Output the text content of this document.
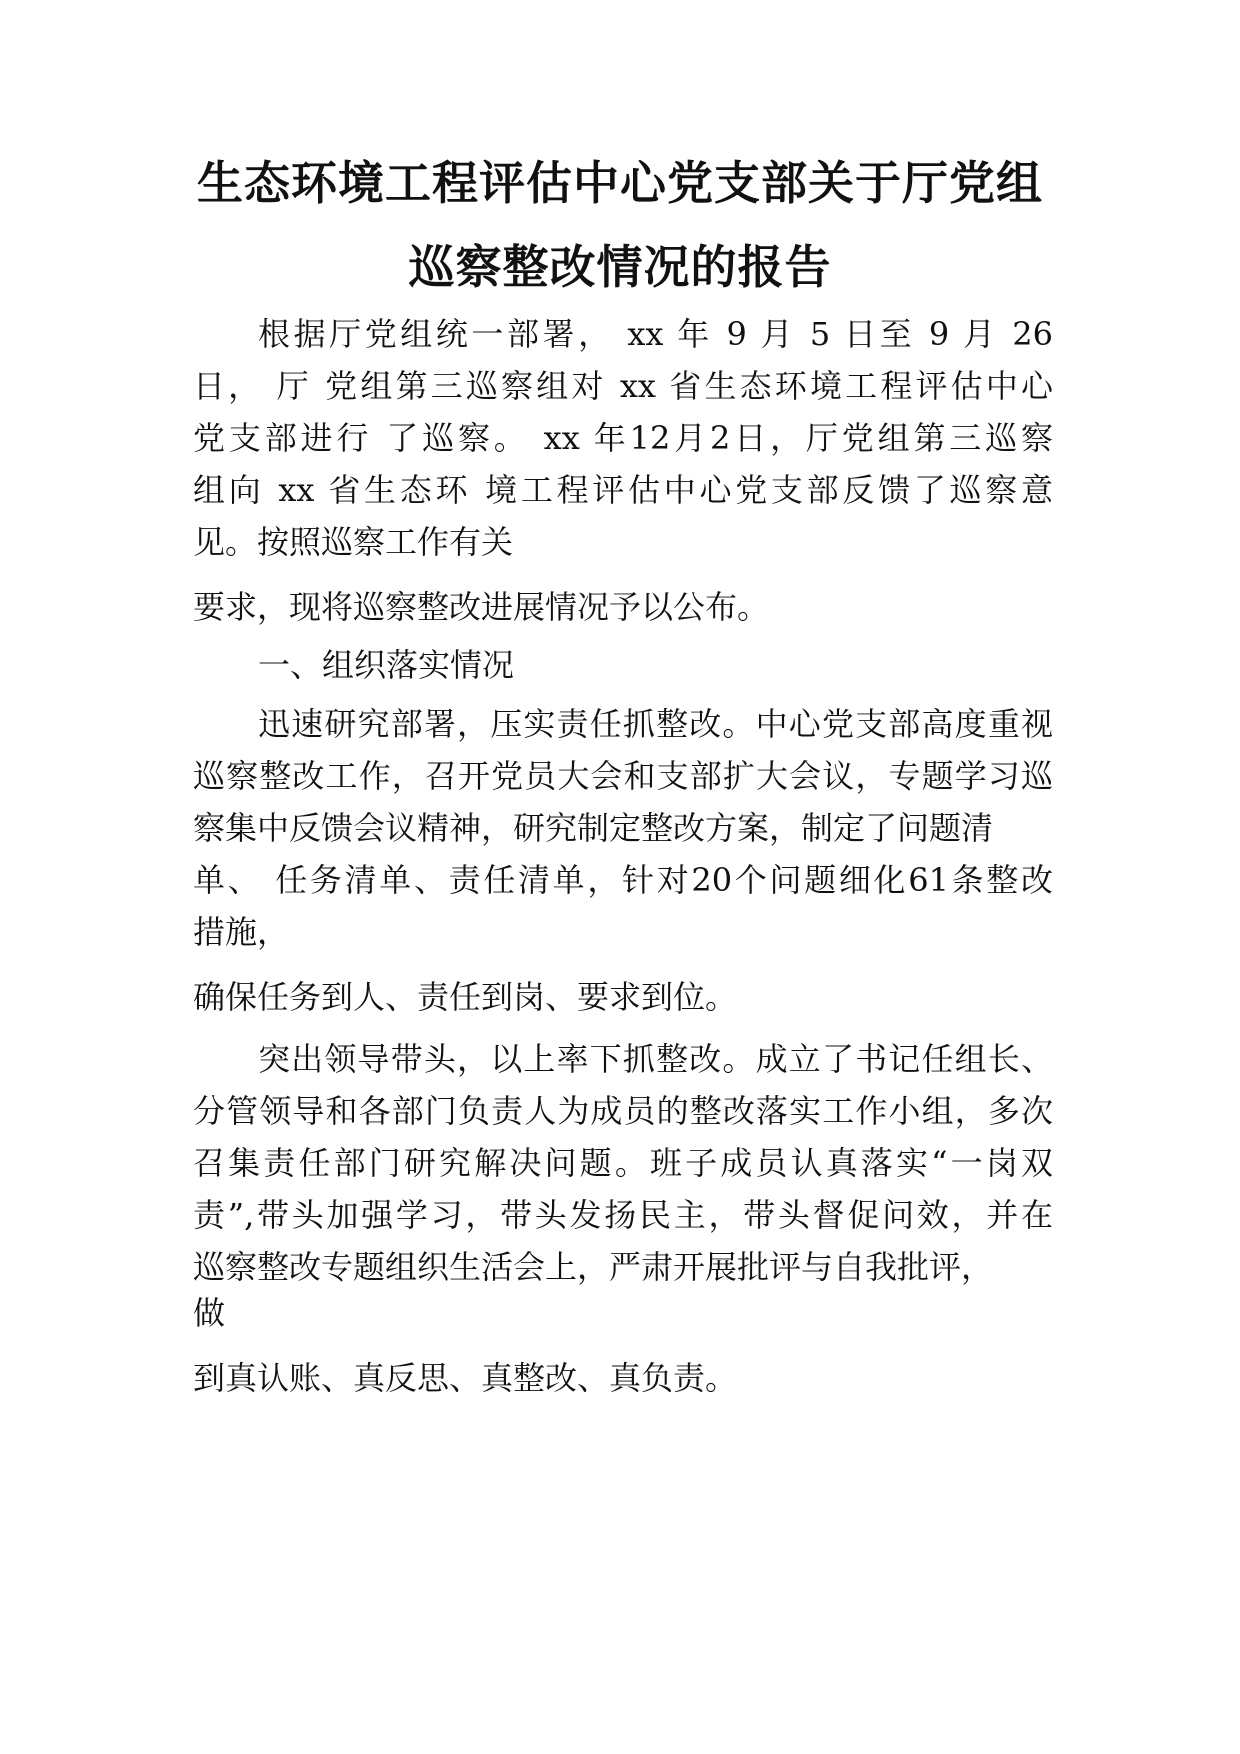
生态环境工程评估中心党支部关于厅党组
巡察整改情况的报告

根据厅党组统一部署， xx 年 9 月 5 日至 9 月 26

日， 厅 党组第三巡察组对 xx 省生态环境工程评估中心

党支部进行 了巡察。 xx 年12月2日，厅党组第三巡察

组向 xx 省生态环 境工程评估中心党支部反馈了巡察意

见。按照巡察工作有关

要求，现将巡察整改进展情况予以公布。

一、组织落实情况

迅速研究部署，压实责任抓整改。中心党支部高度重视

巡察整改工作，召开党员大会和支部扩大会议，专题学习巡

察集中反馈会议精神，研究制定整改方案，制定了问题清

单、 任务清单、责任清单，针对20个问题细化61条整改

措施，

确保任务到人、责任到岗、要求到位。

突出领导带头，以上率下抓整改。成立了书记任组长、

分管领导和各部门负责人为成员的整改落实工作小组，多次

召集责任部门研究解决问题。班子成员认真落实“一岗双

责”,带头加强学习，带头发扬民主，带头督促问效，并在

巡察整改专题组织生活会上，严肃开展批评与自我批评，

做

到真认账、真反思、真整改、真负责。
